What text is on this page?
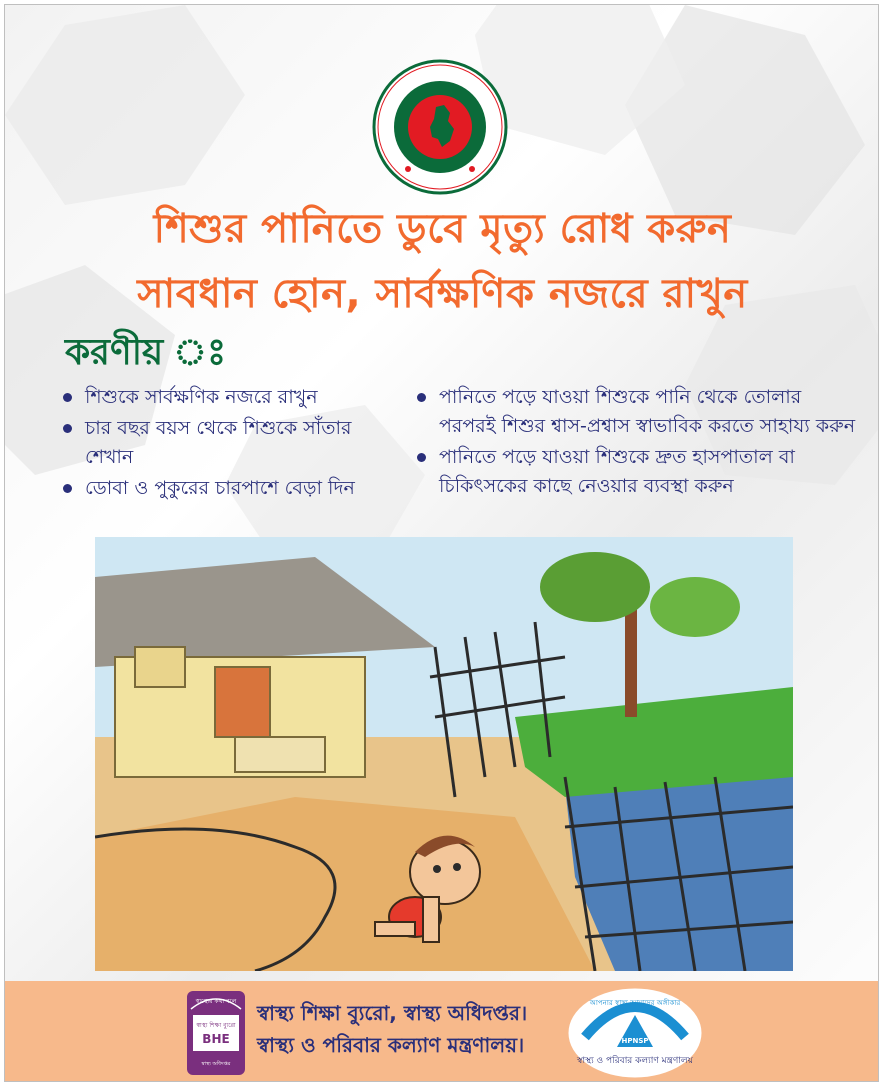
শিশুর পানিতে ডুবে মৃত্যু রোধ করুন
সাবধান হোন, সার্বক্ষণিক নজরে রাখুন
করণীয় ঃ
শিশুকে সার্বক্ষণিক নজরে রাখুন
চার বছর বয়স থেকে শিশুকে সাঁতার শেখান
ডোবা ও পুকুরের চারপাশে বেড়া দিন
পানিতে পড়ে যাওয়া শিশুকে পানি থেকে তোলার পরপরই শিশুর শ্বাস-প্রশ্বাস স্বাভাবিক করতে সাহায্য করুন
পানিতে পড়ে যাওয়া শিশুকে দ্রুত হাসপাতাল বা চিকিৎসকের কাছে নেওয়ার ব্যবস্থা করুন
স্বাস্থ্যের কথা বলে
স্বাস্থ্য শিক্ষা ব্যুরো
BHE
স্বাস্থ্য অধিদপ্তর
স্বাস্থ্য শিক্ষা ব্যুরো, স্বাস্থ্য অধিদপ্তর।
স্বাস্থ্য ও পরিবার কল্যাণ মন্ত্রণালয়।
আপনার স্বাস্থ্য আমাদের অঙ্গীকার
HPNSP
স্বাস্থ্য ও পরিবার কল্যাণ মন্ত্রণালয়
